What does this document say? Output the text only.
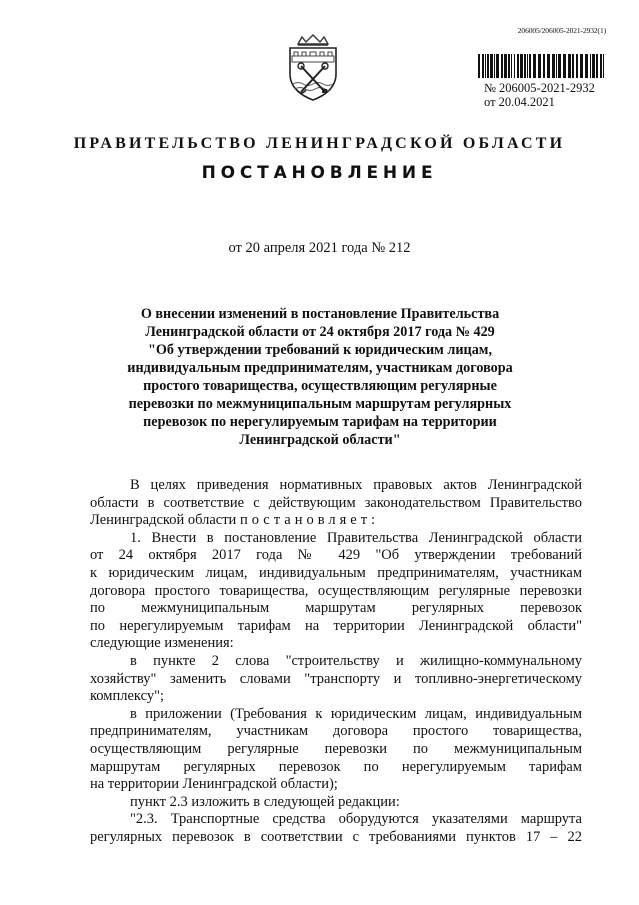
206005/206005-2021-2932(1)
№ 206005-2021-2932
от 20.04.2021
ПРАВИТЕЛЬСТВО ЛЕНИНГРАДСКОЙ ОБЛАСТИ
ПОСТАНОВЛЕНИЕ
от 20 апреля 2021 года № 212
О внесении изменений в постановление Правительства
Ленинградской области от 24 октября 2017 года № 429
"Об утверждении требований к юридическим лицам,
индивидуальным предпринимателям, участникам договора
простого товарищества, осуществляющим регулярные
перевозки по межмуниципальным маршрутам регулярных
перевозок по нерегулируемым тарифам на территории
Ленинградской области"
В целях приведения нормативных правовых актов Ленинградской
области в соответствие с действующим законодательством Правительство
Ленинградской области постановляет:
1. Внести в постановление Правительства Ленинградской области
от 24 октября 2017 года № 429 "Об утверждении требований
к юридическим лицам, индивидуальным предпринимателям, участникам
договора простого товарищества, осуществляющим регулярные перевозки
по межмуниципальным маршрутам регулярных перевозок
по нерегулируемым тарифам на территории Ленинградской области"
следующие изменения:
в пункте 2 слова "строительству и жилищно-коммунальному
хозяйству" заменить словами "транспорту и топливно-энергетическому
комплексу";
в приложении (Требования к юридическим лицам, индивидуальным
предпринимателям, участникам договора простого товарищества,
осуществляющим регулярные перевозки по межмуниципальным
маршрутам регулярных перевозок по нерегулируемым тарифам
на территории Ленинградской области);
пункт 2.3 изложить в следующей редакции:
"2.3. Транспортные средства оборудуются указателями маршрута
регулярных перевозок в соответствии с требованиями пунктов 17 – 22
